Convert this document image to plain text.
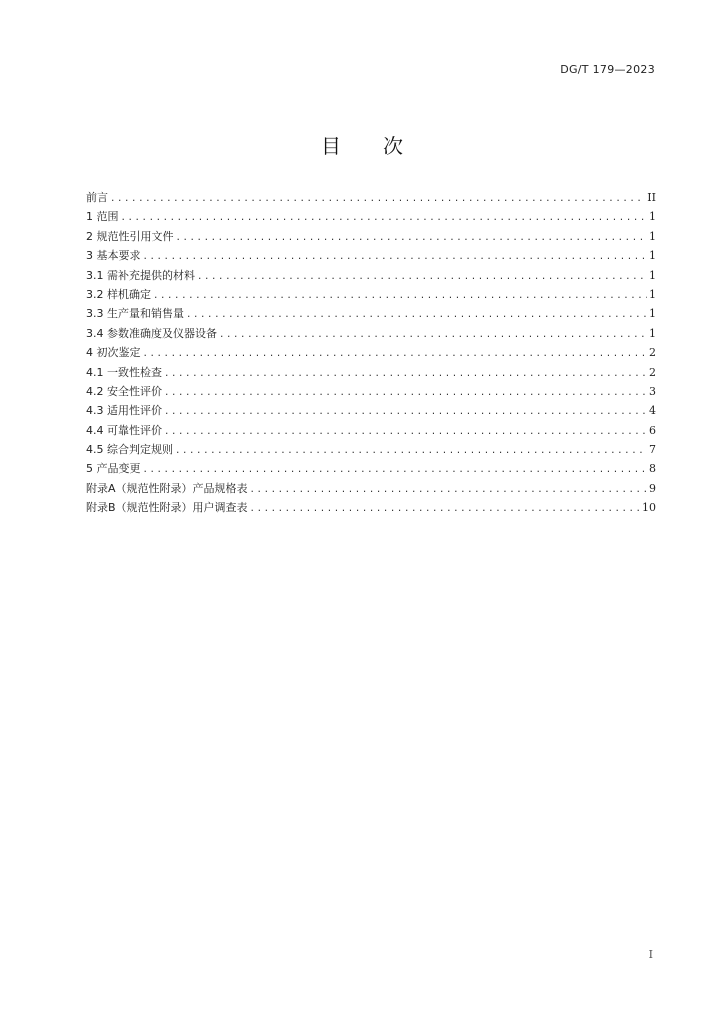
DG/T 179—2023
目 次
前言 .....	II
1 范围 .....	1
2 规范性引用文件 .....	1
3 基本要求 .....	1
3.1 需补充提供的材料 .....	1
3.2 样机确定 .....	1
3.3 生产量和销售量 .....	1
3.4 参数准确度及仪器设备 .....	1
4 初次鉴定 .....	2
4.1 一致性检查 .....	2
4.2 安全性评价 .....	3
4.3 适用性评价 .....	4
4.4 可靠性评价 .....	6
4.5 综合判定规则 .....	7
5 产品变更 .....	8
附录A（规范性附录）产品规格表 .....	9
附录B（规范性附录）用户调查表 .....	10
I
